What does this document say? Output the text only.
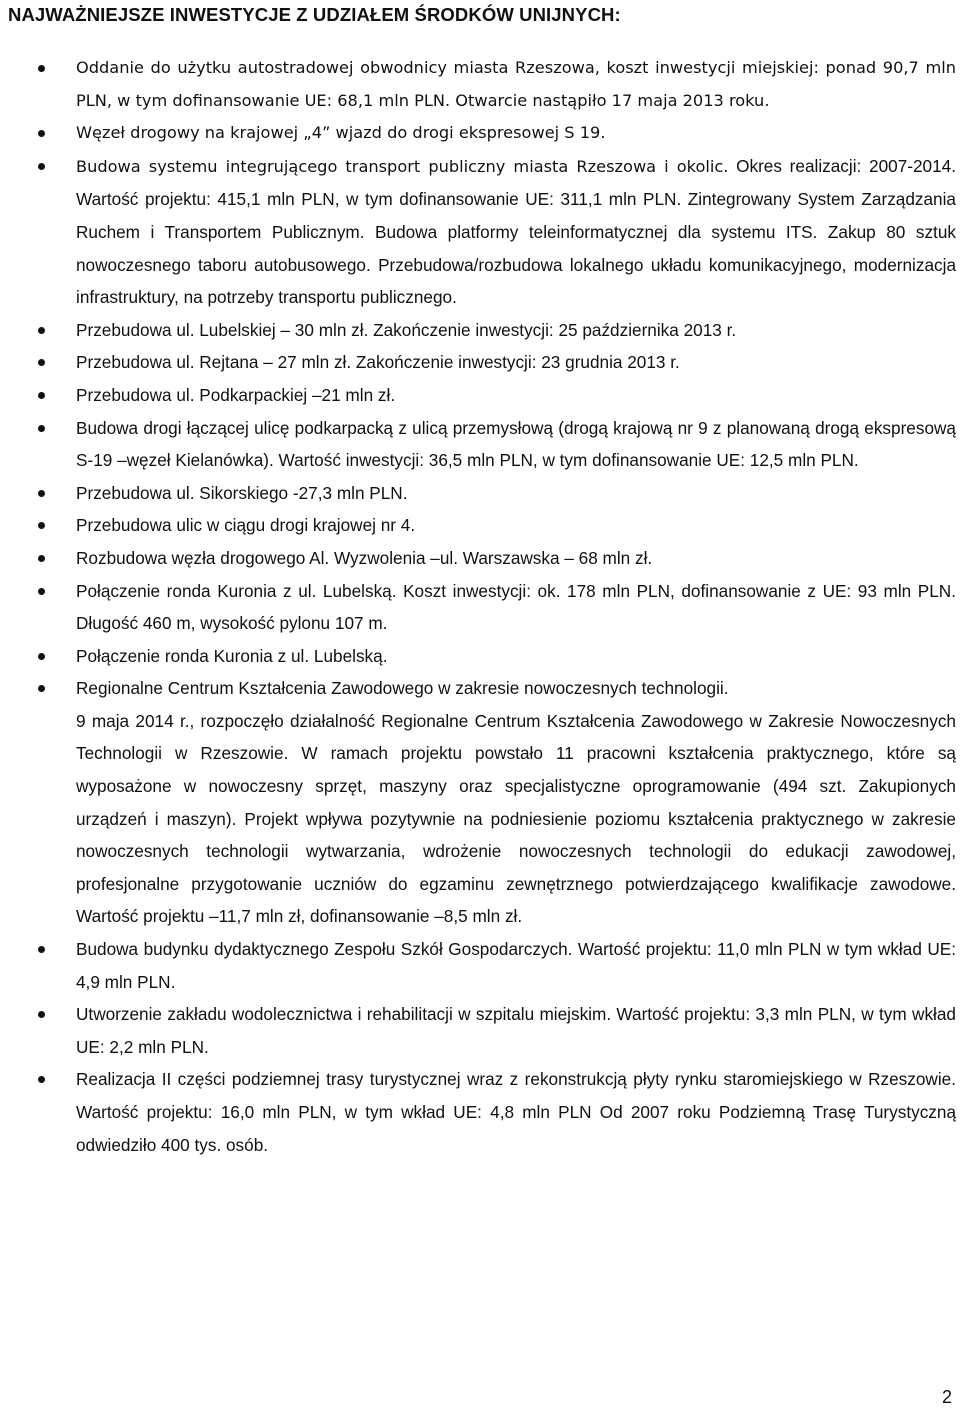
NAJWAŻNIEJSZE INWESTYCJE Z UDZIAŁEM ŚRODKÓW UNIJNYCH:
Oddanie do użytku autostradowej obwodnicy miasta Rzeszowa, koszt inwestycji miejskiej: ponad 90,7 mln PLN, w tym dofinansowanie UE: 68,1 mln PLN. Otwarcie nastąpiło 17 maja 2013 roku.
Węzeł drogowy na krajowej „4” wjazd do drogi ekspresowej S 19.
Budowa systemu integrującego transport publiczny miasta Rzeszowa i okolic. Okres realizacji: 2007-2014. Wartość projektu: 415,1 mln PLN, w tym dofinansowanie UE: 311,1 mln PLN. Zintegrowany System Zarządzania Ruchem i Transportem Publicznym. Budowa platformy teleinformatycznej dla systemu ITS. Zakup 80 sztuk nowoczesnego taboru autobusowego. Przebudowa/rozbudowa lokalnego układu komunikacyjnego, modernizacja infrastruktury, na potrzeby transportu publicznego.
Przebudowa ul. Lubelskiej – 30 mln zł. Zakończenie inwestycji: 25 października 2013 r.
Przebudowa ul. Rejtana – 27 mln zł. Zakończenie inwestycji: 23 grudnia 2013 r.
Przebudowa ul. Podkarpackiej –21 mln zł.
Budowa drogi łączącej ulicę podkarpacką z ulicą przemysłową (drogą krajową nr 9 z planowaną drogą ekspresową S-19 –węzeł Kielanówka). Wartość inwestycji: 36,5 mln PLN, w tym dofinansowanie UE: 12,5 mln PLN.
Przebudowa ul. Sikorskiego -27,3 mln PLN.
Przebudowa ulic w ciągu drogi krajowej nr 4.
Rozbudowa węzła drogowego Al. Wyzwolenia –ul. Warszawska – 68 mln zł.
Połączenie ronda Kuronia z ul. Lubelską. Koszt inwestycji: ok. 178 mln PLN, dofinansowanie z UE: 93 mln PLN. Długość 460 m, wysokość pylonu 107 m.
Połączenie ronda Kuronia z ul. Lubelską.
Regionalne Centrum Kształcenia Zawodowego w zakresie nowoczesnych technologii.
9 maja 2014 r., rozpoczęło działalność Regionalne Centrum Kształcenia Zawodowego w Zakresie Nowoczesnych Technologii w Rzeszowie. W ramach projektu powstało 11 pracowni kształcenia praktycznego, które są wyposażone w nowoczesny sprzęt, maszyny oraz specjalistyczne oprogramowanie (494 szt. Zakupionych urządzeń i maszyn). Projekt wpływa pozytywnie na podniesienie poziomu kształcenia praktycznego w zakresie nowoczesnych technologii wytwarzania, wdrożenie nowoczesnych technologii do edukacji zawodowej, profesjonalne przygotowanie uczniów do egzaminu zewnętrznego potwierdzającego kwalifikacje zawodowe. Wartość projektu –11,7 mln zł, dofinansowanie –8,5 mln zł.
Budowa budynku dydaktycznego Zespołu Szkół Gospodarczych. Wartość projektu: 11,0 mln PLN w tym wkład UE: 4,9 mln PLN.
Utworzenie zakładu wodolecznictwa i rehabilitacji w szpitalu miejskim. Wartość projektu: 3,3 mln PLN, w tym wkład UE: 2,2 mln PLN.
Realizacja II części podziemnej trasy turystycznej wraz z rekonstrukcją płyty rynku staromiejskiego w Rzeszowie. Wartość projektu: 16,0 mln PLN, w tym wkład UE: 4,8 mln PLN Od 2007 roku Podziemną Trasę Turystyczną odwiedziło 400 tys. osób.
2
